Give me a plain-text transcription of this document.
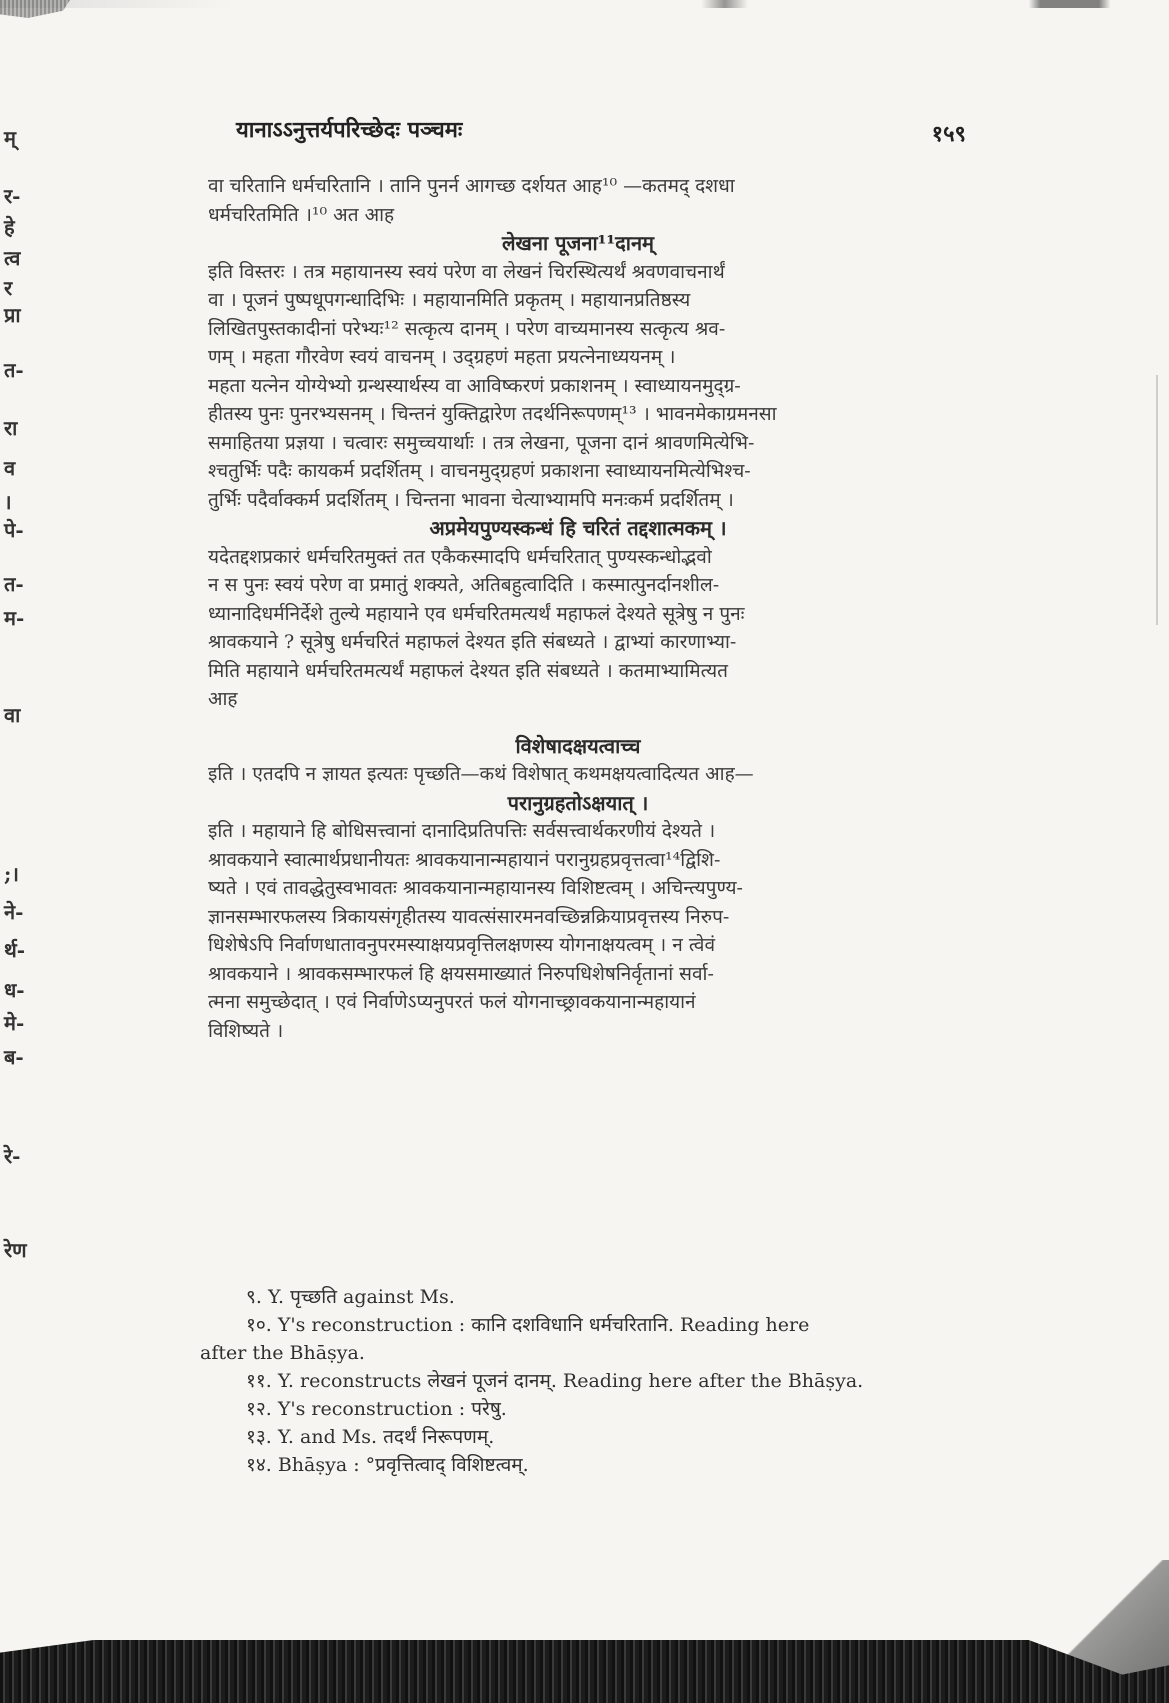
म्
र-
हे
त्व
र
प्रा
त-
रा
व
।
पे-
त-
म-
वा
;।
ने-
र्थ-
ध-
मे-
ब-
रे-
रेण
यानाऽऽनुत्तर्यपरिच्छेदः पञ्चमः	१५९
वा चरितानि धर्मचरितानि । तानि पुनर्न आगच्छ दर्शयत आह¹⁰ —कतमद् दशधा
धर्मचरितमिति ।¹⁰ अत आह
लेखना पूजना¹¹दानम्
इति विस्तरः । तत्र महायानस्य स्वयं परेण वा लेखनं चिरस्थित्यर्थं श्रवणवाचनार्थं
वा । पूजनं पुष्पधूपगन्धादिभिः । महायानमिति प्रकृतम् । महायानप्रतिष्ठस्य
लिखितपुस्तकादीनां परेभ्यः¹² सत्कृत्य दानम् । परेण वाच्यमानस्य सत्कृत्य श्रव-
णम् । महता गौरवेण स्वयं वाचनम् । उद्ग्रहणं महता प्रयत्नेनाध्ययनम् ।
महता यत्नेन योग्येभ्यो ग्रन्थस्यार्थस्य वा आविष्करणं प्रकाशनम् । स्वाध्यायनमुद्ग्र-
हीतस्य पुनः पुनरभ्यसनम् । चिन्तनं युक्तिद्वारेण तदर्थनिरूपणम्¹³ । भावनमेकाग्रमनसा
समाहितया प्रज्ञया । चत्वारः समुच्चयार्थाः । तत्र लेखना, पूजना दानं श्रावणमित्येभि-
श्चतुर्भिः पदैः कायकर्म प्रदर्शितम् । वाचनमुद्ग्रहणं प्रकाशना स्वाध्यायनमित्येभिश्च-
तुर्भिः पदैर्वाक्कर्म प्रदर्शितम् । चिन्तना भावना चेत्याभ्यामपि मनःकर्म प्रदर्शितम् ।
अप्रमेयपुण्यस्कन्धं हि चरितं तद्दशात्मकम् ।
यदेतद्दशप्रकारं धर्मचरितमुक्तं तत एकैकस्मादपि धर्मचरितात् पुण्यस्कन्धोद्भवो
न स पुनः स्वयं परेण वा प्रमातुं शक्यते, अतिबहुत्वादिति । कस्मात्पुनर्दानशील-
ध्यानादिधर्मनिर्देशे तुल्ये महायाने एव धर्मचरितमत्यर्थं महाफलं देश्यते सूत्रेषु न पुनः
श्रावकयाने ? सूत्रेषु धर्मचरितं महाफलं देश्यत इति संबध्यते । द्वाभ्यां कारणाभ्या-
मिति महायाने धर्मचरितमत्यर्थं महाफलं देश्यत इति संबध्यते । कतमाभ्यामित्यत
आह
विशेषादक्षयत्वाच्च
इति । एतदपि न ज्ञायत इत्यतः पृच्छति—कथं विशेषात् कथमक्षयत्वादित्यत आह—
परानुग्रहतोऽक्षयात् ।
इति । महायाने हि बोधिसत्त्वानां दानादिप्रतिपत्तिः सर्वसत्त्वार्थकरणीयं देश्यते ।
श्रावकयाने स्वात्मार्थप्रधानीयतः श्रावकयानान्महायानं परानुग्रहप्रवृत्तत्वा¹⁴द्विशि-
ष्यते । एवं तावद्धेतुस्वभावतः श्रावकयानान्महायानस्य विशिष्टत्वम् । अचिन्त्यपुण्य-
ज्ञानसम्भारफलस्य त्रिकायसंगृहीतस्य यावत्संसारमनवच्छिन्नक्रियाप्रवृत्तस्य निरुप-
धिशेषेऽपि निर्वाणधातावनुपरमस्याक्षयप्रवृत्तिलक्षणस्य योगनाक्षयत्वम् । न त्वेवं
श्रावकयाने । श्रावकसम्भारफलं हि क्षयसमाख्यातं निरुपधिशेषनिर्वृतानां सर्वा-
त्मना समुच्छेदात् । एवं निर्वाणेऽप्यनुपरतं फलं योगनाच्छ्रावकयानान्महायानं
विशिष्यते ।
९. Y. पृच्छति against Ms.
१०. Y's reconstruction : कानि दशविधानि धर्मचरितानि. Reading here
after the Bhāṣya.
११. Y. reconstructs लेखनं पूजनं दानम्. Reading here after the Bhāṣya.
१२. Y's reconstruction : परेषु.
१३. Y. and Ms. तदर्थं निरूपणम्.
१४. Bhāṣya : °प्रवृत्तित्वाद् विशिष्टत्वम्.
